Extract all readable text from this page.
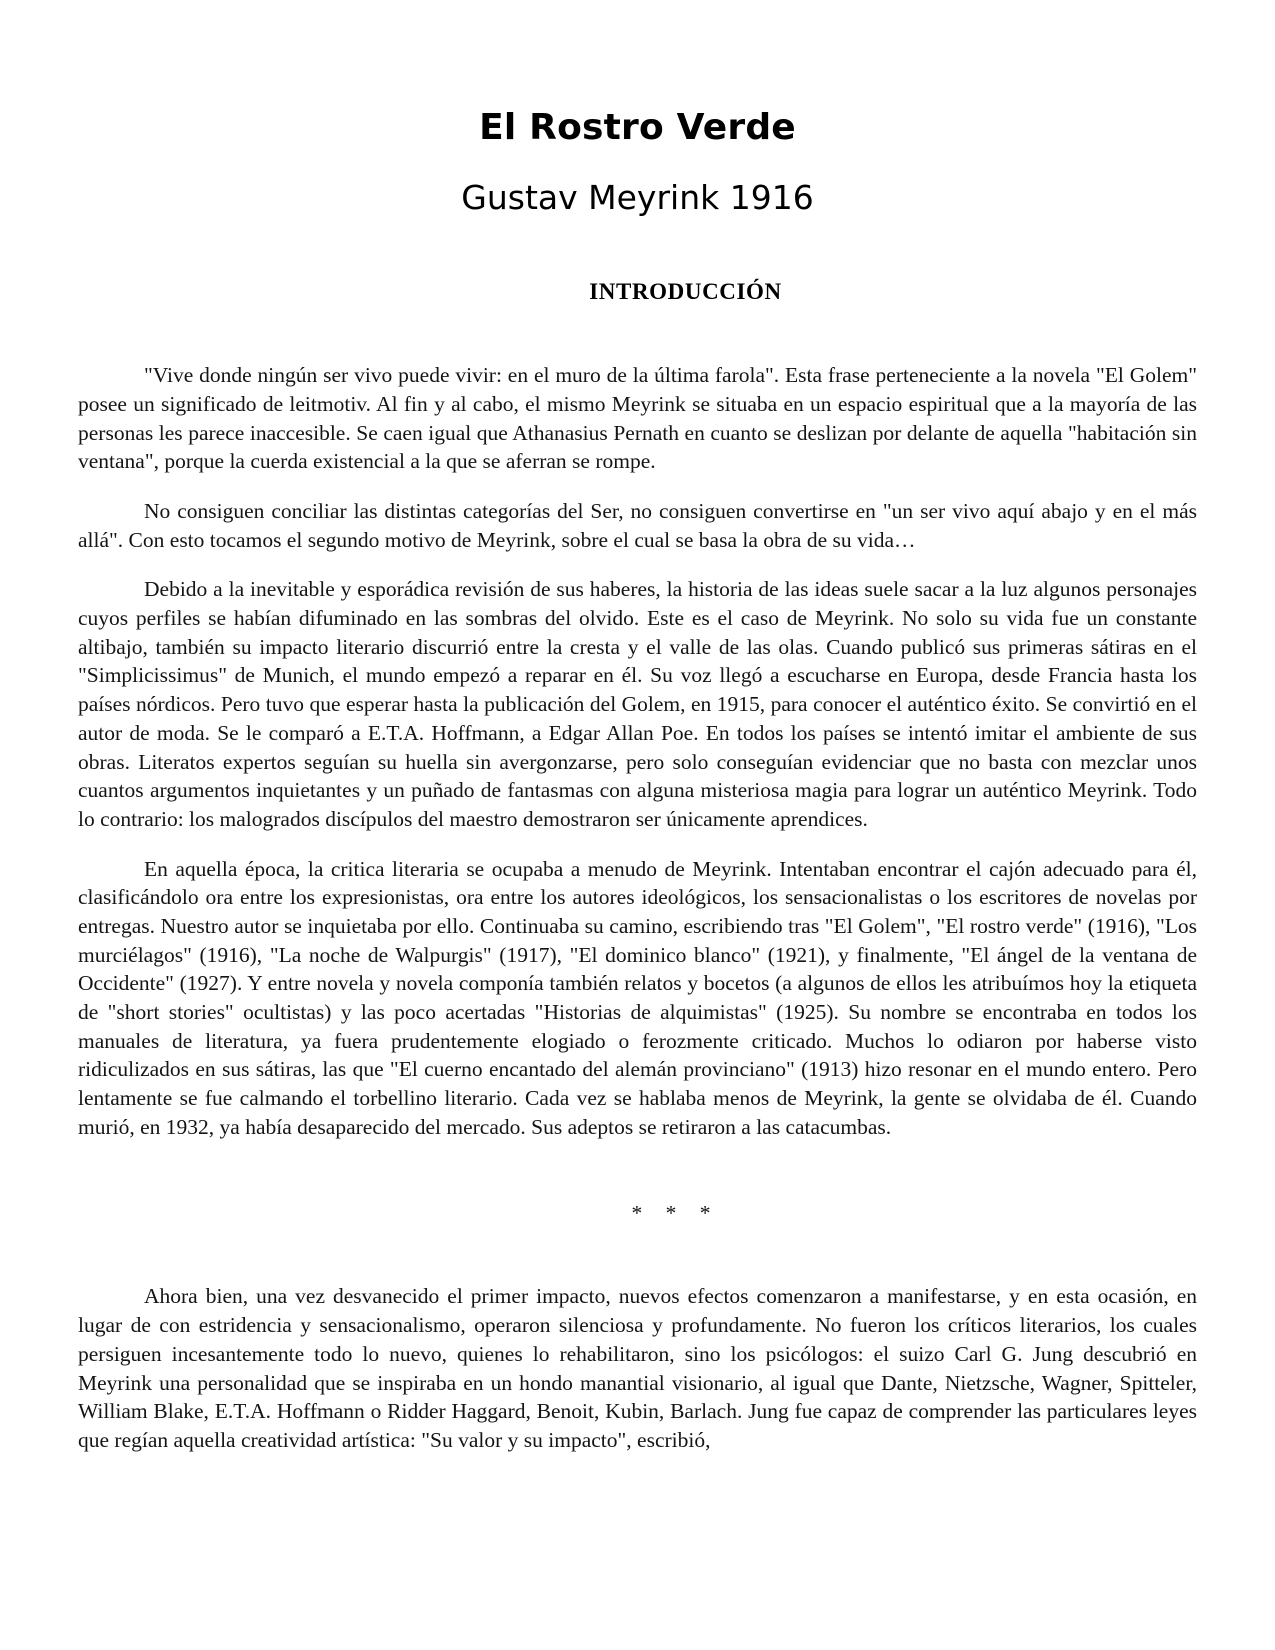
El Rostro Verde
Gustav Meyrink 1916
INTRODUCCIÓN

"Vive donde ningún ser vivo puede vivir: en el muro de la última farola". Esta frase perteneciente a la novela "El Golem" posee un significado de leitmotiv. Al fin y al cabo, el mismo Meyrink se situaba en un espacio espiritual que a la mayoría de las personas les parece inaccesible. Se caen igual que Athanasius Pernath en cuanto se deslizan por delante de aquella "habitación sin ventana", porque la cuerda existencial a la que se aferran se rompe.

No consiguen conciliar las distintas categorías del Ser, no consiguen convertirse en "un ser vivo aquí abajo y en el más allá". Con esto tocamos el segundo motivo de Meyrink, sobre el cual se basa la obra de su vida…

Debido a la inevitable y esporádica revisión de sus haberes, la historia de las ideas suele sacar a la luz algunos personajes cuyos perfiles se habían difuminado en las sombras del olvido. Este es el caso de Meyrink. No solo su vida fue un constante altibajo, también su impacto literario discurrió entre la cresta y el valle de las olas. Cuando publicó sus primeras sátiras en el "Simplicissimus" de Munich, el mundo empezó a reparar en él. Su voz llegó a escucharse en Europa, desde Francia hasta los países nórdicos. Pero tuvo que esperar hasta la publicación del Golem, en 1915, para conocer el auténtico éxito. Se convirtió en el autor de moda. Se le comparó a E.T.A. Hoffmann, a Edgar Allan Poe. En todos los países se intentó imitar el ambiente de sus obras. Literatos expertos seguían su huella sin avergonzarse, pero solo conseguían evidenciar que no basta con mezclar unos cuantos argumentos inquietantes y un puñado de fantasmas con alguna misteriosa magia para lograr un auténtico Meyrink. Todo lo contrario: los malogrados discípulos del maestro demostraron ser únicamente aprendices.

En aquella época, la critica literaria se ocupaba a menudo de Meyrink. Intentaban encontrar el cajón adecuado para él, clasificándolo ora entre los expresionistas, ora entre los autores ideológicos, los sensacionalistas o los escritores de novelas por entregas. Nuestro autor se inquietaba por ello. Continuaba su camino, escribiendo tras "El Golem", "El rostro verde" (1916), "Los murciélagos" (1916), "La noche de Walpurgis" (1917), "El dominico blanco" (1921), y finalmente, "El ángel de la ventana de Occidente" (1927). Y entre novela y novela componía también relatos y bocetos (a algunos de ellos les atribuímos hoy la etiqueta de "short stories" ocultistas) y las poco acertadas "Historias de alquimistas" (1925). Su nombre se encontraba en todos los manuales de literatura, ya fuera prudentemente elogiado o ferozmente criticado. Muchos lo odiaron por haberse visto ridiculizados en sus sátiras, las que "El cuerno encantado del alemán provinciano" (1913) hizo resonar en el mundo entero. Pero lentamente se fue calmando el torbellino literario. Cada vez se hablaba menos de Meyrink, la gente se olvidaba de él. Cuando murió, en 1932, ya había desaparecido del mercado. Sus adeptos se retiraron a las catacumbas.

* * *

Ahora bien, una vez desvanecido el primer impacto, nuevos efectos comenzaron a manifestarse, y en esta ocasión, en lugar de con estridencia y sensacionalismo, operaron silenciosa y profundamente. No fueron los críticos literarios, los cuales persiguen incesantemente todo lo nuevo, quienes lo rehabilitaron, sino los psicólogos: el suizo Carl G. Jung descubrió en Meyrink una personalidad que se inspiraba en un hondo manantial visionario, al igual que Dante, Nietzsche, Wagner, Spitteler, William Blake, E.T.A. Hoffmann o Ridder Haggard, Benoit, Kubin, Barlach. Jung fue capaz de comprender las particulares leyes que regían aquella creatividad artística: "Su valor y su impacto", escribió,
